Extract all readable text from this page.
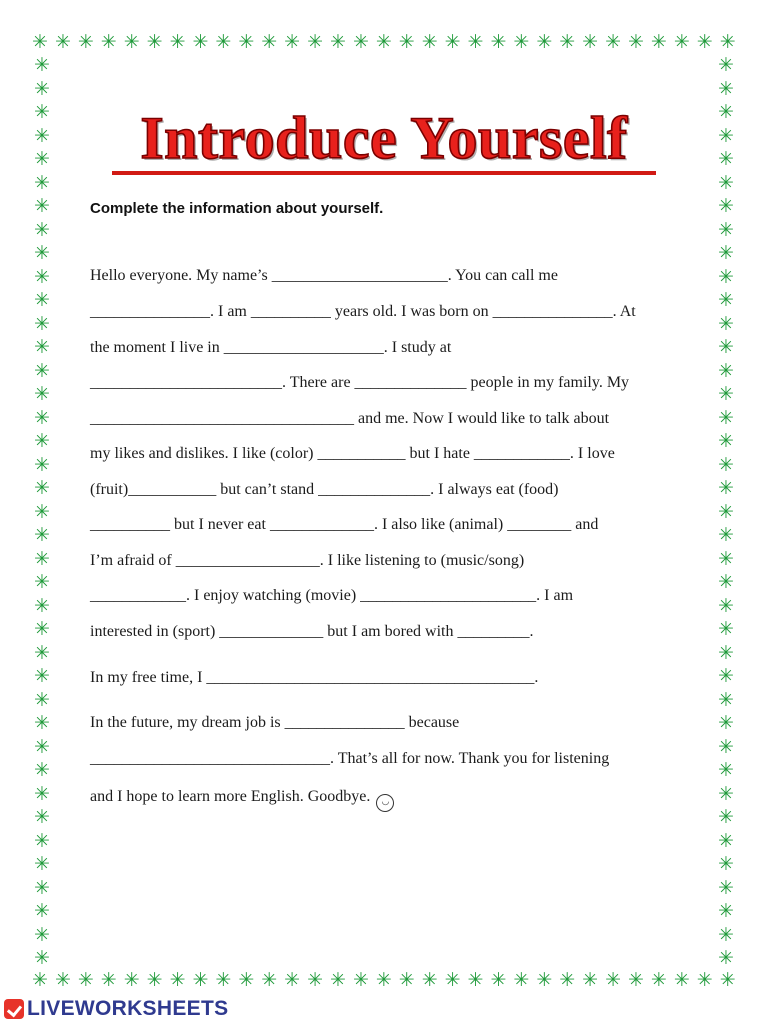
✳ ✳ ✳ ✳ ✳ ✳ ✳ ✳ ✳ ✳ ✳ ✳ ✳ ✳ ✳ ✳ ✳ ✳ ✳ ✳ ✳ ✳ ✳ ✳ ✳ ✳ ✳ ✳ ✳ ✳ ✳
✳ ✳ ✳ ✳ ✳ ✳ ✳ ✳ ✳ ✳ ✳ ✳ ✳ ✳ ✳ ✳ ✳ ✳ ✳ ✳ ✳ ✳ ✳ ✳ ✳ ✳ ✳ ✳ ✳ ✳ ✳
✳
✳
✳
✳
✳
✳
✳
✳
✳
✳
✳
✳
✳
✳
✳
✳
✳
✳
✳
✳
✳
✳
✳
✳
✳
✳
✳
✳
✳
✳
✳
✳
✳
✳
✳
✳
✳
✳
✳
✳
✳
✳
✳
✳
✳
✳
✳
✳
✳
✳
✳
✳
✳
✳
✳
✳
✳
✳
✳
✳
✳
✳
✳
✳
✳
✳
✳
✳
✳
✳
✳
✳
✳
✳
✳
✳
✳
✳
Introduce Yourself

Complete the information about yourself.

Hello everyone. My name’s ______________________. You can call me

_______________. I am __________ years old. I was born on _______________. At

the moment I live in ____________________. I study at

________________________. There are ______________ people in my family. My

_________________________________ and me. Now I would like to talk about

my likes and dislikes. I like (color) ___________ but I hate ____________. I love

(fruit)___________ but can’t stand ______________. I always eat (food)

__________ but I never eat _____________. I also like (animal) ________ and

I’m afraid of __________________. I like listening to (music/song)

____________. I enjoy watching (movie) ______________________. I am

interested in (sport) _____________ but I am bored with _________.

In my free time, I _________________________________________.

In the future, my dream job is _______________ because

______________________________. That’s all for now. Thank you for listening

and I hope to learn more English. Goodbye. ◡

LIVEWORKSHEETS
